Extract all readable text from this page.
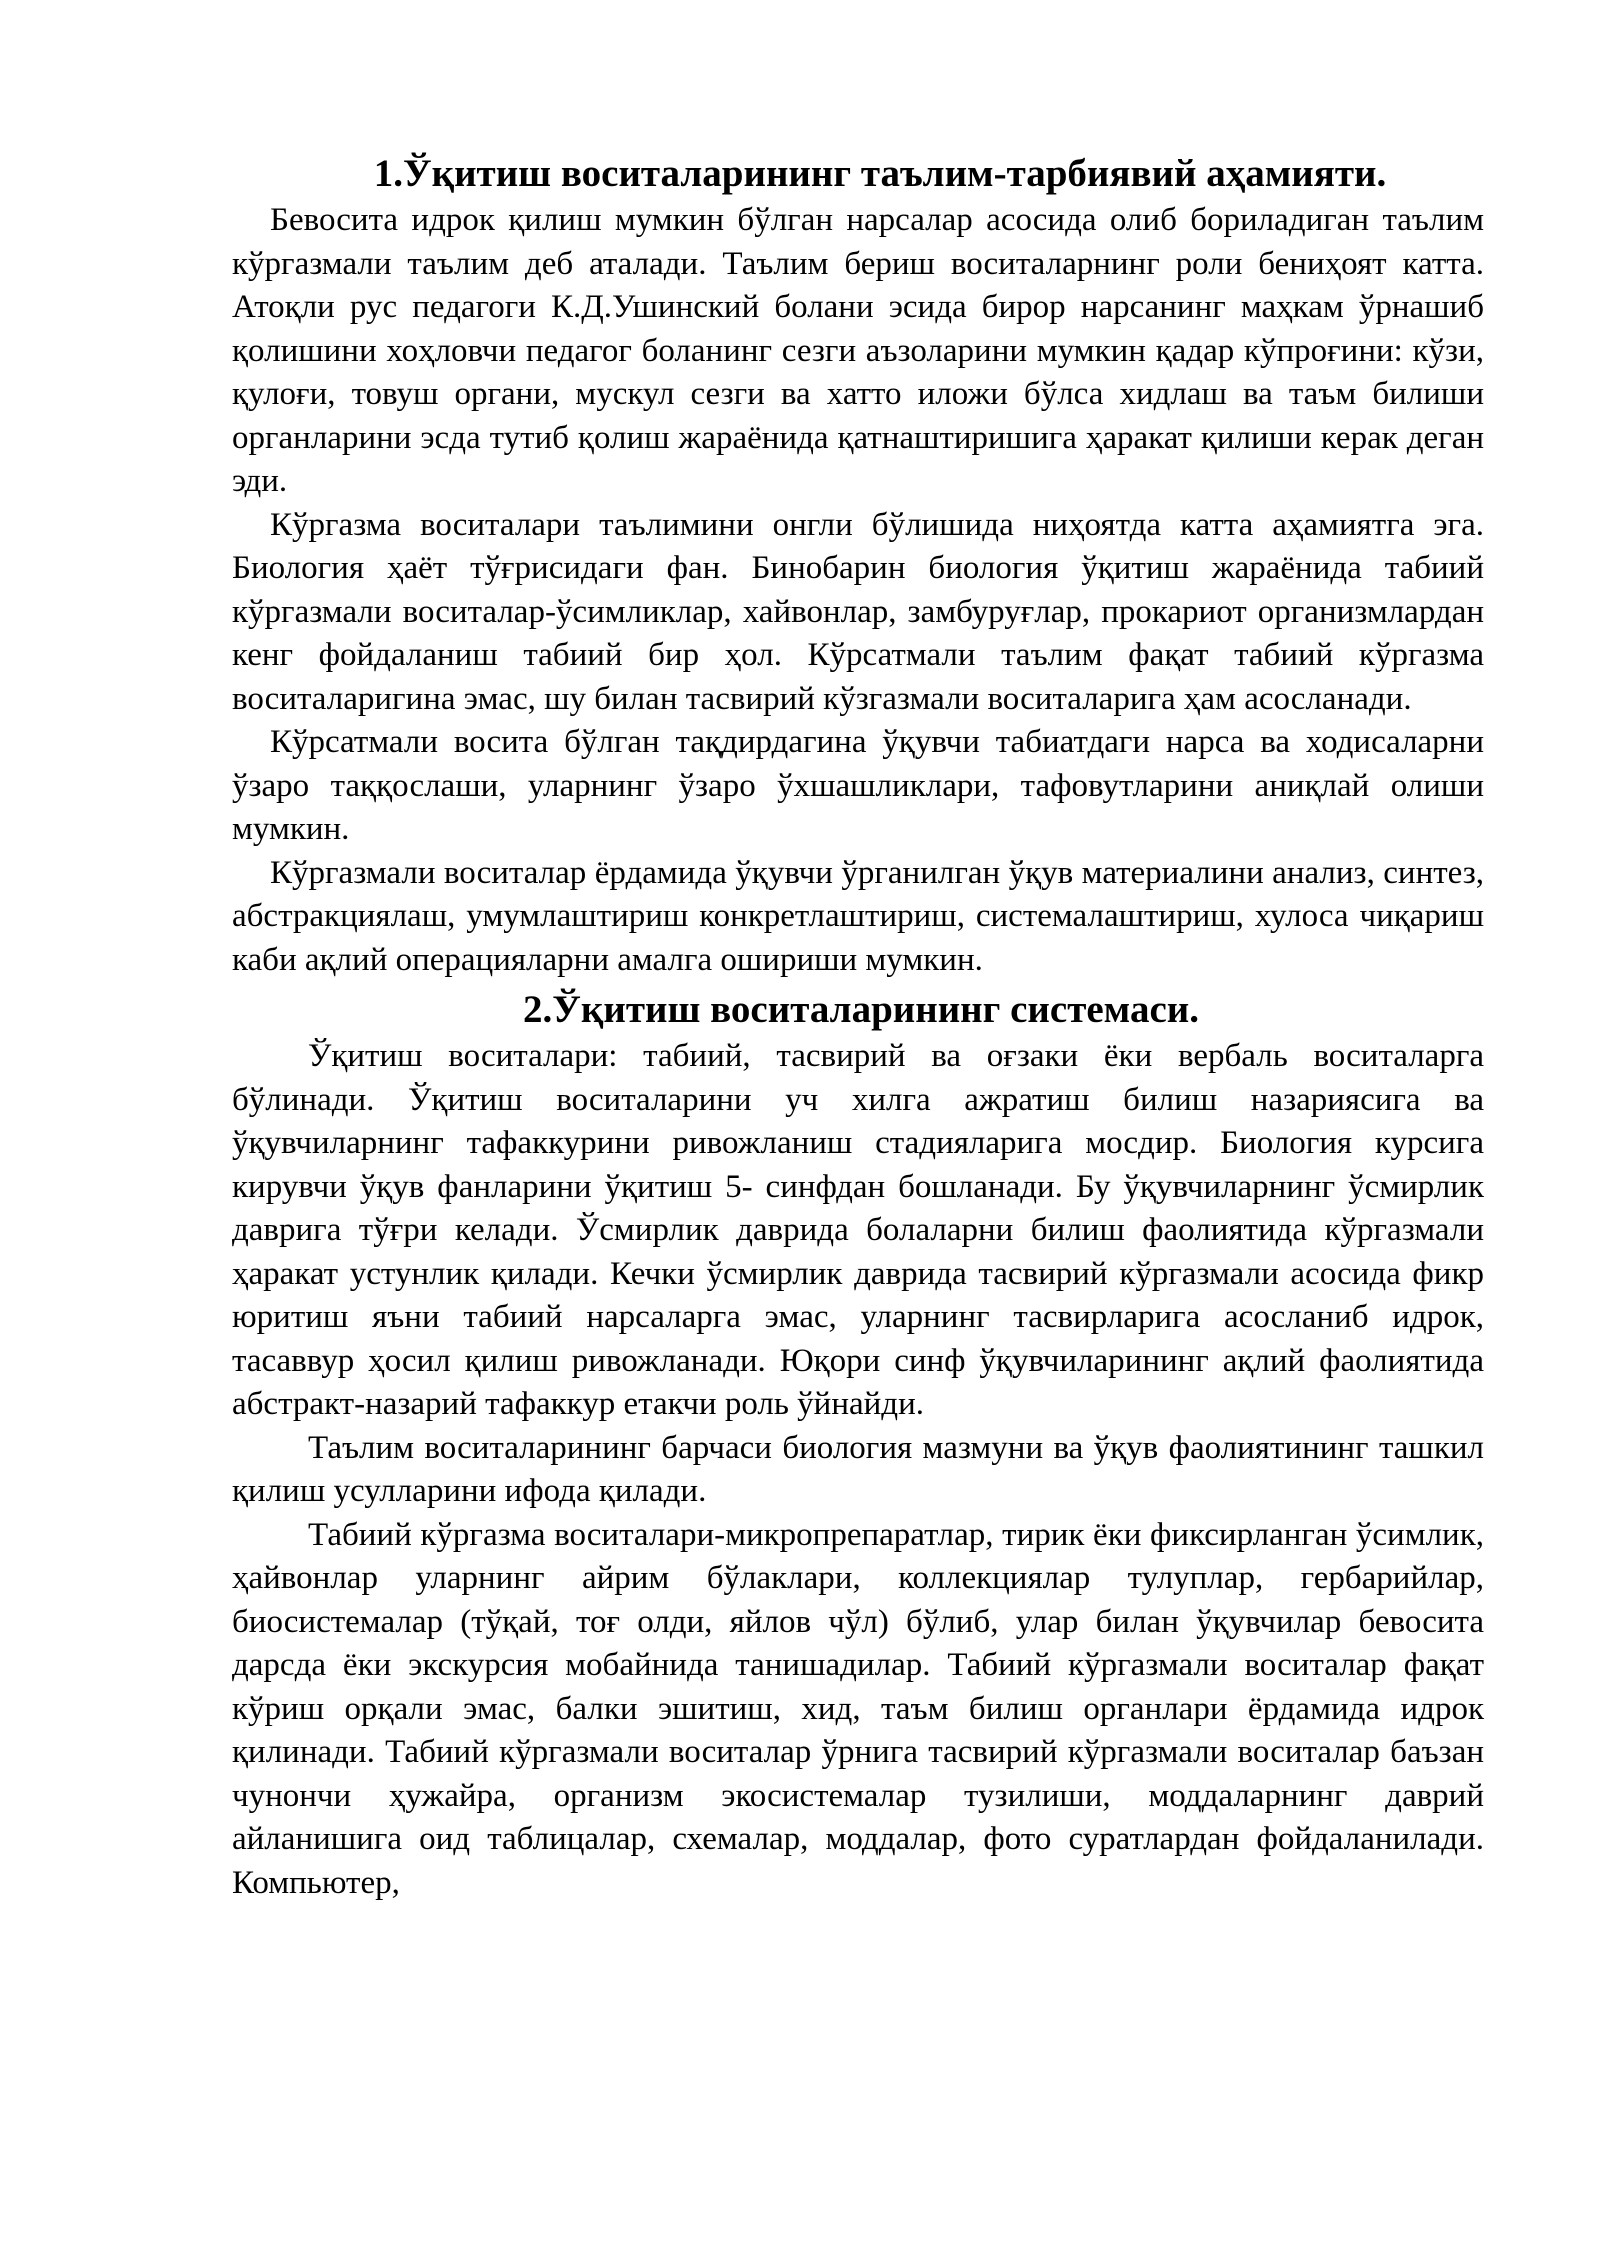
1.Ўқитиш воситаларининг таълим-тарбиявий аҳамияти.

Бевосита идрок қилиш мумкин бўлган нарсалар асосида олиб бориладиган таълим кўргазмали таълим деб аталади. Таълим бериш воситаларнинг роли бениҳоят катта. Атоқли рус педагоги К.Д.Ушинский болани эсида бирор нарсанинг маҳкам ўрнашиб қолишини хоҳловчи педагог боланинг сезги аъзоларини мумкин қадар кўпроғини: кўзи, қулоғи, товуш органи, мускул сезги ва хатто иложи бўлса хидлаш ва таъм билиши органларини эсда тутиб қолиш жараёнида қатнаштиришига ҳаракат қилиши керак деган эди.

Кўргазма воситалари таълимини онгли бўлишида ниҳоятда катта аҳамиятга эга. Биология ҳаёт тўғрисидаги фан. Бинобарин биология ўқитиш жараёнида табиий кўргазмали воситалар-ўсимликлар, хайвонлар, замбуруғлар, прокариот организмлардан кенг фойдаланиш табиий бир ҳол. Кўрсатмали таълим фақат табиий кўргазма воситаларигина эмас, шу билан тасвирий кўзгазмали воситаларига ҳам асосланади.

Кўрсатмали восита бўлган тақдирдагина ўқувчи табиатдаги нарса ва ходисаларни ўзаро таққослаши, уларнинг ўзаро ўхшашликлари, тафовутларини аниқлай олиши мумкин.

Кўргазмали воситалар ёрдамида ўқувчи ўрганилган ўқув материалини анализ, синтез, абстракциялаш, умумлаштириш конкретлаштириш, системалаштириш, хулоса чиқариш каби ақлий операцияларни амалга ошириши мумкин.

2.Ўқитиш воситаларининг системаси.

Ўқитиш воситалари: табиий, тасвирий ва оғзаки ёки вербаль воситаларга бўлинади. Ўқитиш воситаларини уч хилга ажратиш билиш назариясига ва ўқувчиларнинг тафаккурини ривожланиш стадияларига мосдир. Биология курсига кирувчи ўқув фанларини ўқитиш 5- синфдан бошланади. Бу ўқувчиларнинг ўсмирлик даврига тўғри келади. Ўсмирлик даврида болаларни билиш фаолиятида кўргазмали ҳаракат устунлик қилади. Кечки ўсмирлик даврида тасвирий кўргазмали асосида фикр юритиш яъни табиий нарсаларга эмас, уларнинг тасвирларига асосланиб идрок, тасаввур ҳосил қилиш ривожланади. Юқори синф ўқувчиларининг ақлий фаолиятида абстракт-назарий тафаккур етакчи роль ўйнайди.

Таълим воситаларининг барчаси биология мазмуни ва ўқув фаолиятининг ташкил қилиш усулларини ифода қилади.

Табиий кўргазма воситалари-микропрепаратлар, тирик ёки фиксирланган ўсимлик, ҳайвонлар уларнинг айрим бўлаклари, коллекциялар тулуплар, гербарийлар, биосистемалар (тўқай, тоғ олди, яйлов чўл) бўлиб, улар билан ўқувчилар бевосита дарсда ёки экскурсия мобайнида танишадилар. Табиий кўргазмали воситалар фақат кўриш орқали эмас, балки эшитиш, хид, таъм билиш органлари ёрдамида идрок қилинади. Табиий кўргазмали воситалар ўрнига тасвирий кўргазмали воситалар баъзан чунончи ҳужайра, организм экосистемалар тузилиши, моддаларнинг даврий айланишига оид таблицалар, схемалар, моддалар, фото суратлардан фойдаланилади. Компьютер,
